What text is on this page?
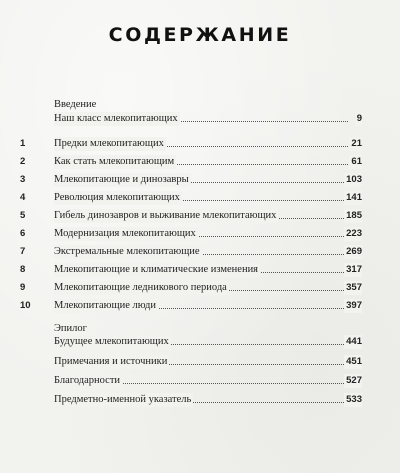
СОДЕРЖАНИЕ
Введение
Наш класс млекопитающих	9
1	Предки млекопитающих	21
2	Как стать млекопитающим	61
3	Млекопитающие и динозавры	103
4	Революция млекопитающих	141
5	Гибель динозавров и выживание млекопитающих	185
6	Модернизация млекопитающих	223
7	Экстремальные млекопитающие	269
8	Млекопитающие и климатические изменения	317
9	Млекопитающие ледникового периода	357
10 Млекопитающие люди	397
Эпилог
Будущее млекопитающих	441
Примечания и источники	451
Благодарности	527
Предметно-именной указатель	533
